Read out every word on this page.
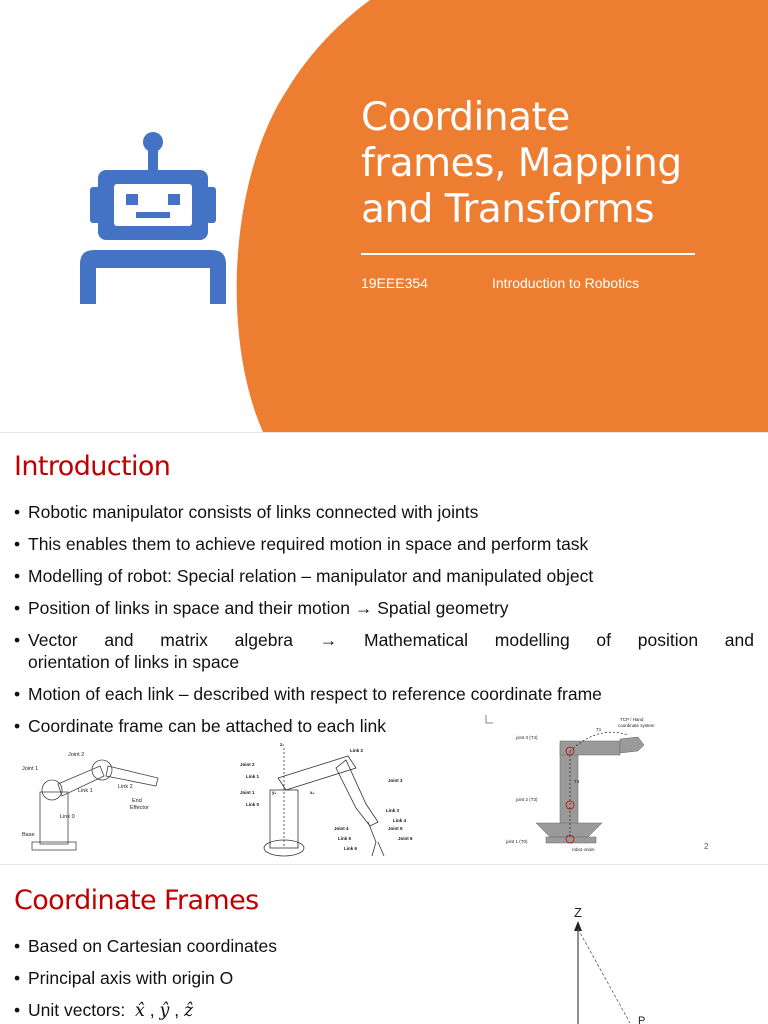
Coordinate
frames, Mapping
and Transforms
19EEE354	Introduction to Robotics
Introduction
• Robotic manipulator consists of links connected with joints
• This enables them to achieve required motion in space and perform task
• Modelling of robot: Special relation – manipulator and manipulated object
• Position of links in space and their motion → Spatial geometry
• Vector and matrix algebra → Mathematical modelling of position and
orientation of links in space
• Motion of each link – described with respect to reference coordinate frame
• Coordinate frame can be attached to each link
Joint 1
Joint 2
Link 1
Link 2
Link 0
End
Effector
Base
Joint 2
Link 1
Joint 1
Link 0
Link 2
Joint 3
Link 3
Link 4
Joint 4	Joint 5
Link 5	Joint 6
Link 6
z₀
y₀	x₀
TCP / Hand
coordinate system
joint 3 (T4)
joint 2 (T3)
joint 1 (T0)
robot origin
T1
T3
2
Coordinate Frames
• Based on Cartesian coordinates
• Principal axis with origin O
• Unit vectors: x̂ , ŷ , ẑ
Z
P
